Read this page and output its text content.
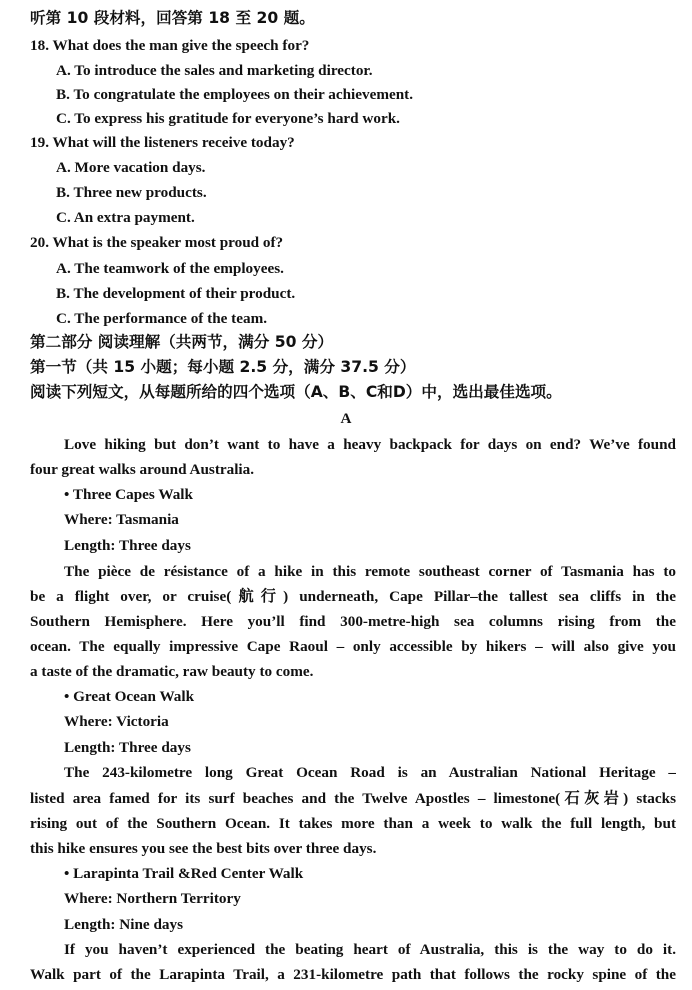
听第 10 段材料，回答第 18 至 20 题。
18. What does the man give the speech for?
A. To introduce the sales and marketing director.
B. To congratulate the employees on their achievement.
C. To express his gratitude for everyone’s hard work.
19. What will the listeners receive today?
A. More vacation days.
B. Three new products.
C. An extra payment.
20. What is the speaker most proud of?
A. The teamwork of the employees.
B. The development of their product.
C. The performance of the team.
第二部分 阅读理解（共两节，满分 50 分）
第一节（共 15 小题；每小题 2.5 分，满分 37.5 分）
阅读下列短文，从每题所给的四个选项（A、B、C和D）中，选出最佳选项。
A
Love hiking but don’t want to have a heavy backpack for days on end? We’ve found
four great walks around Australia.
• Three Capes Walk
Where: Tasmania
Length: Three days
The pièce de résistance of a hike in this remote southeast corner of Tasmania has to
be a flight over, or cruise(航行) underneath, Cape Pillar–the tallest sea cliffs in the
Southern Hemisphere. Here you’ll find 300-metre-high sea columns rising from the
ocean. The equally impressive Cape Raoul – only accessible by hikers – will also give you
a taste of the dramatic, raw beauty to come.
• Great Ocean Walk
Where: Victoria
Length: Three days
The 243-kilometre long Great Ocean Road is an Australian National Heritage –
listed area famed for its surf beaches and the Twelve Apostles – limestone(石灰岩) stacks
rising out of the Southern Ocean. It takes more than a week to walk the full length, but
this hike ensures you see the best bits over three days.
• Larapinta Trail &Red Center Walk
Where: Northern Territory
Length: Nine days
If you haven’t experienced the beating heart of Australia, this is the way to do it.
Walk part of the Larapinta Trail, a 231-kilometre path that follows the rocky spine of the
